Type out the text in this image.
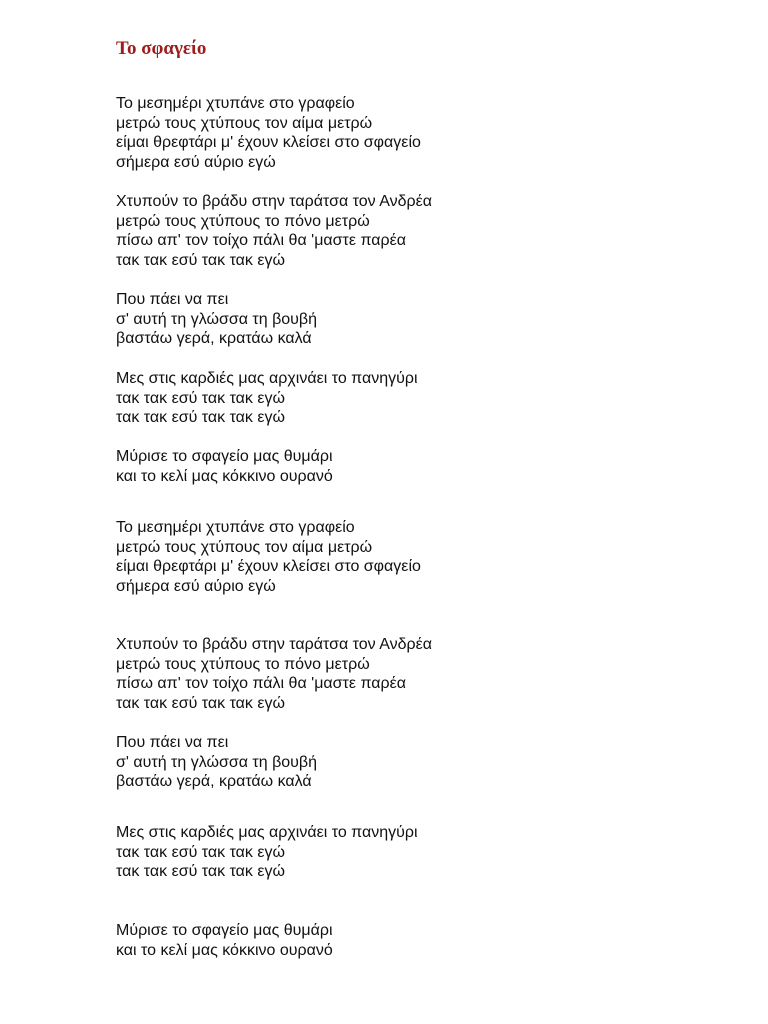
Το σφαγείο
Το μεσημέρι χτυπάνε στο γραφείο
μετρώ τους χτύπους τον αίμα μετρώ
είμαι θρεφτάρι μ' έχουν κλείσει στο σφαγείο
σήμερα εσύ αύριο εγώ
Χτυπούν το βράδυ στην ταράτσα τον Ανδρέα
μετρώ τους χτύπους το πόνο μετρώ
πίσω απ' τον τοίχο πάλι θα 'μαστε παρέα
τακ τακ εσύ τακ τακ εγώ
Που πάει να πει
σ' αυτή τη γλώσσα τη βουβή
βαστάω γερά, κρατάω καλά
Μες στις καρδιές μας αρχινάει το πανηγύρι
τακ τακ εσύ τακ τακ εγώ
τακ τακ εσύ τακ τακ εγώ
Μύρισε το σφαγείο μας θυμάρι
και το κελί μας κόκκινο ουρανό
Το μεσημέρι χτυπάνε στο γραφείο
μετρώ τους χτύπους τον αίμα μετρώ
είμαι θρεφτάρι μ' έχουν κλείσει στο σφαγείο
σήμερα εσύ αύριο εγώ
Χτυπούν το βράδυ στην ταράτσα τον Ανδρέα
μετρώ τους χτύπους το πόνο μετρώ
πίσω απ' τον τοίχο πάλι θα 'μαστε παρέα
τακ τακ εσύ τακ τακ εγώ
Που πάει να πει
σ' αυτή τη γλώσσα τη βουβή
βαστάω γερά, κρατάω καλά
Μες στις καρδιές μας αρχινάει το πανηγύρι
τακ τακ εσύ τακ τακ εγώ
τακ τακ εσύ τακ τακ εγώ
Μύρισε το σφαγείο μας θυμάρι
και το κελί μας κόκκινο ουρανό
